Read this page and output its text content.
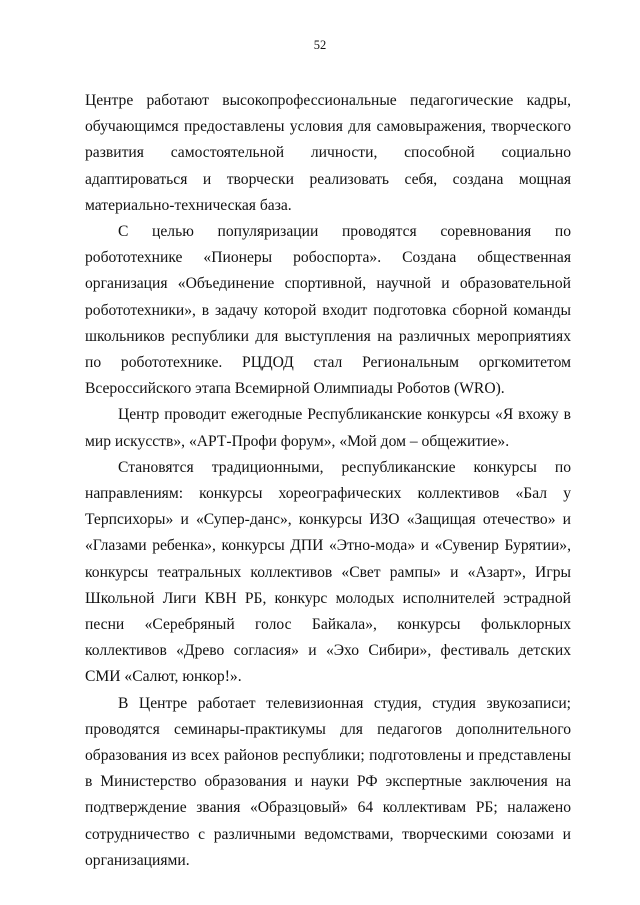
52

Центре работают высокопрофессиональные педагогические кадры, обучающимся предоставлены условия для самовыражения, творческого развития самостоятельной личности, способной социально адаптироваться и творчески реализовать себя, создана мощная материально-техническая база.

С целью популяризации проводятся соревнования по робототехнике «Пионеры робоспорта». Создана общественная организация «Объединение спортивной, научной и образовательной робототехники», в задачу которой входит подготовка сборной команды школьников республики для выступления на различных мероприятиях по робототехнике. РЦДОД стал Региональным оргкомитетом Всероссийского этапа Всемирной Олимпиады Роботов (WRO).

Центр проводит ежегодные Республиканские конкурсы «Я вхожу в мир искусств», «АРТ-Профи форум», «Мой дом – общежитие».

Становятся традиционными, республиканские конкурсы по направлениям: конкурсы хореографических коллективов «Бал у Терпсихоры» и «Супер-данс», конкурсы ИЗО «Защищая отечество» и «Глазами ребенка», конкурсы ДПИ «Этно-мода» и «Сувенир Бурятии», конкурсы театральных коллективов «Свет рампы» и «Азарт», Игры Школьной Лиги КВН РБ, конкурс молодых исполнителей эстрадной песни «Серебряный голос Байкала», конкурсы фольклорных коллективов «Древо согласия» и «Эхо Сибири», фестиваль детских СМИ «Салют, юнкор!».

В Центре работает телевизионная студия, студия звукозаписи; проводятся семинары-практикумы для педагогов дополнительного образования из всех районов республики; подготовлены и представлены в Министерство образования и науки РФ экспертные заключения на подтверждение звания «Образцовый» 64 коллективам РБ; налажено сотрудничество с различными ведомствами, творческими союзами и организациями.
